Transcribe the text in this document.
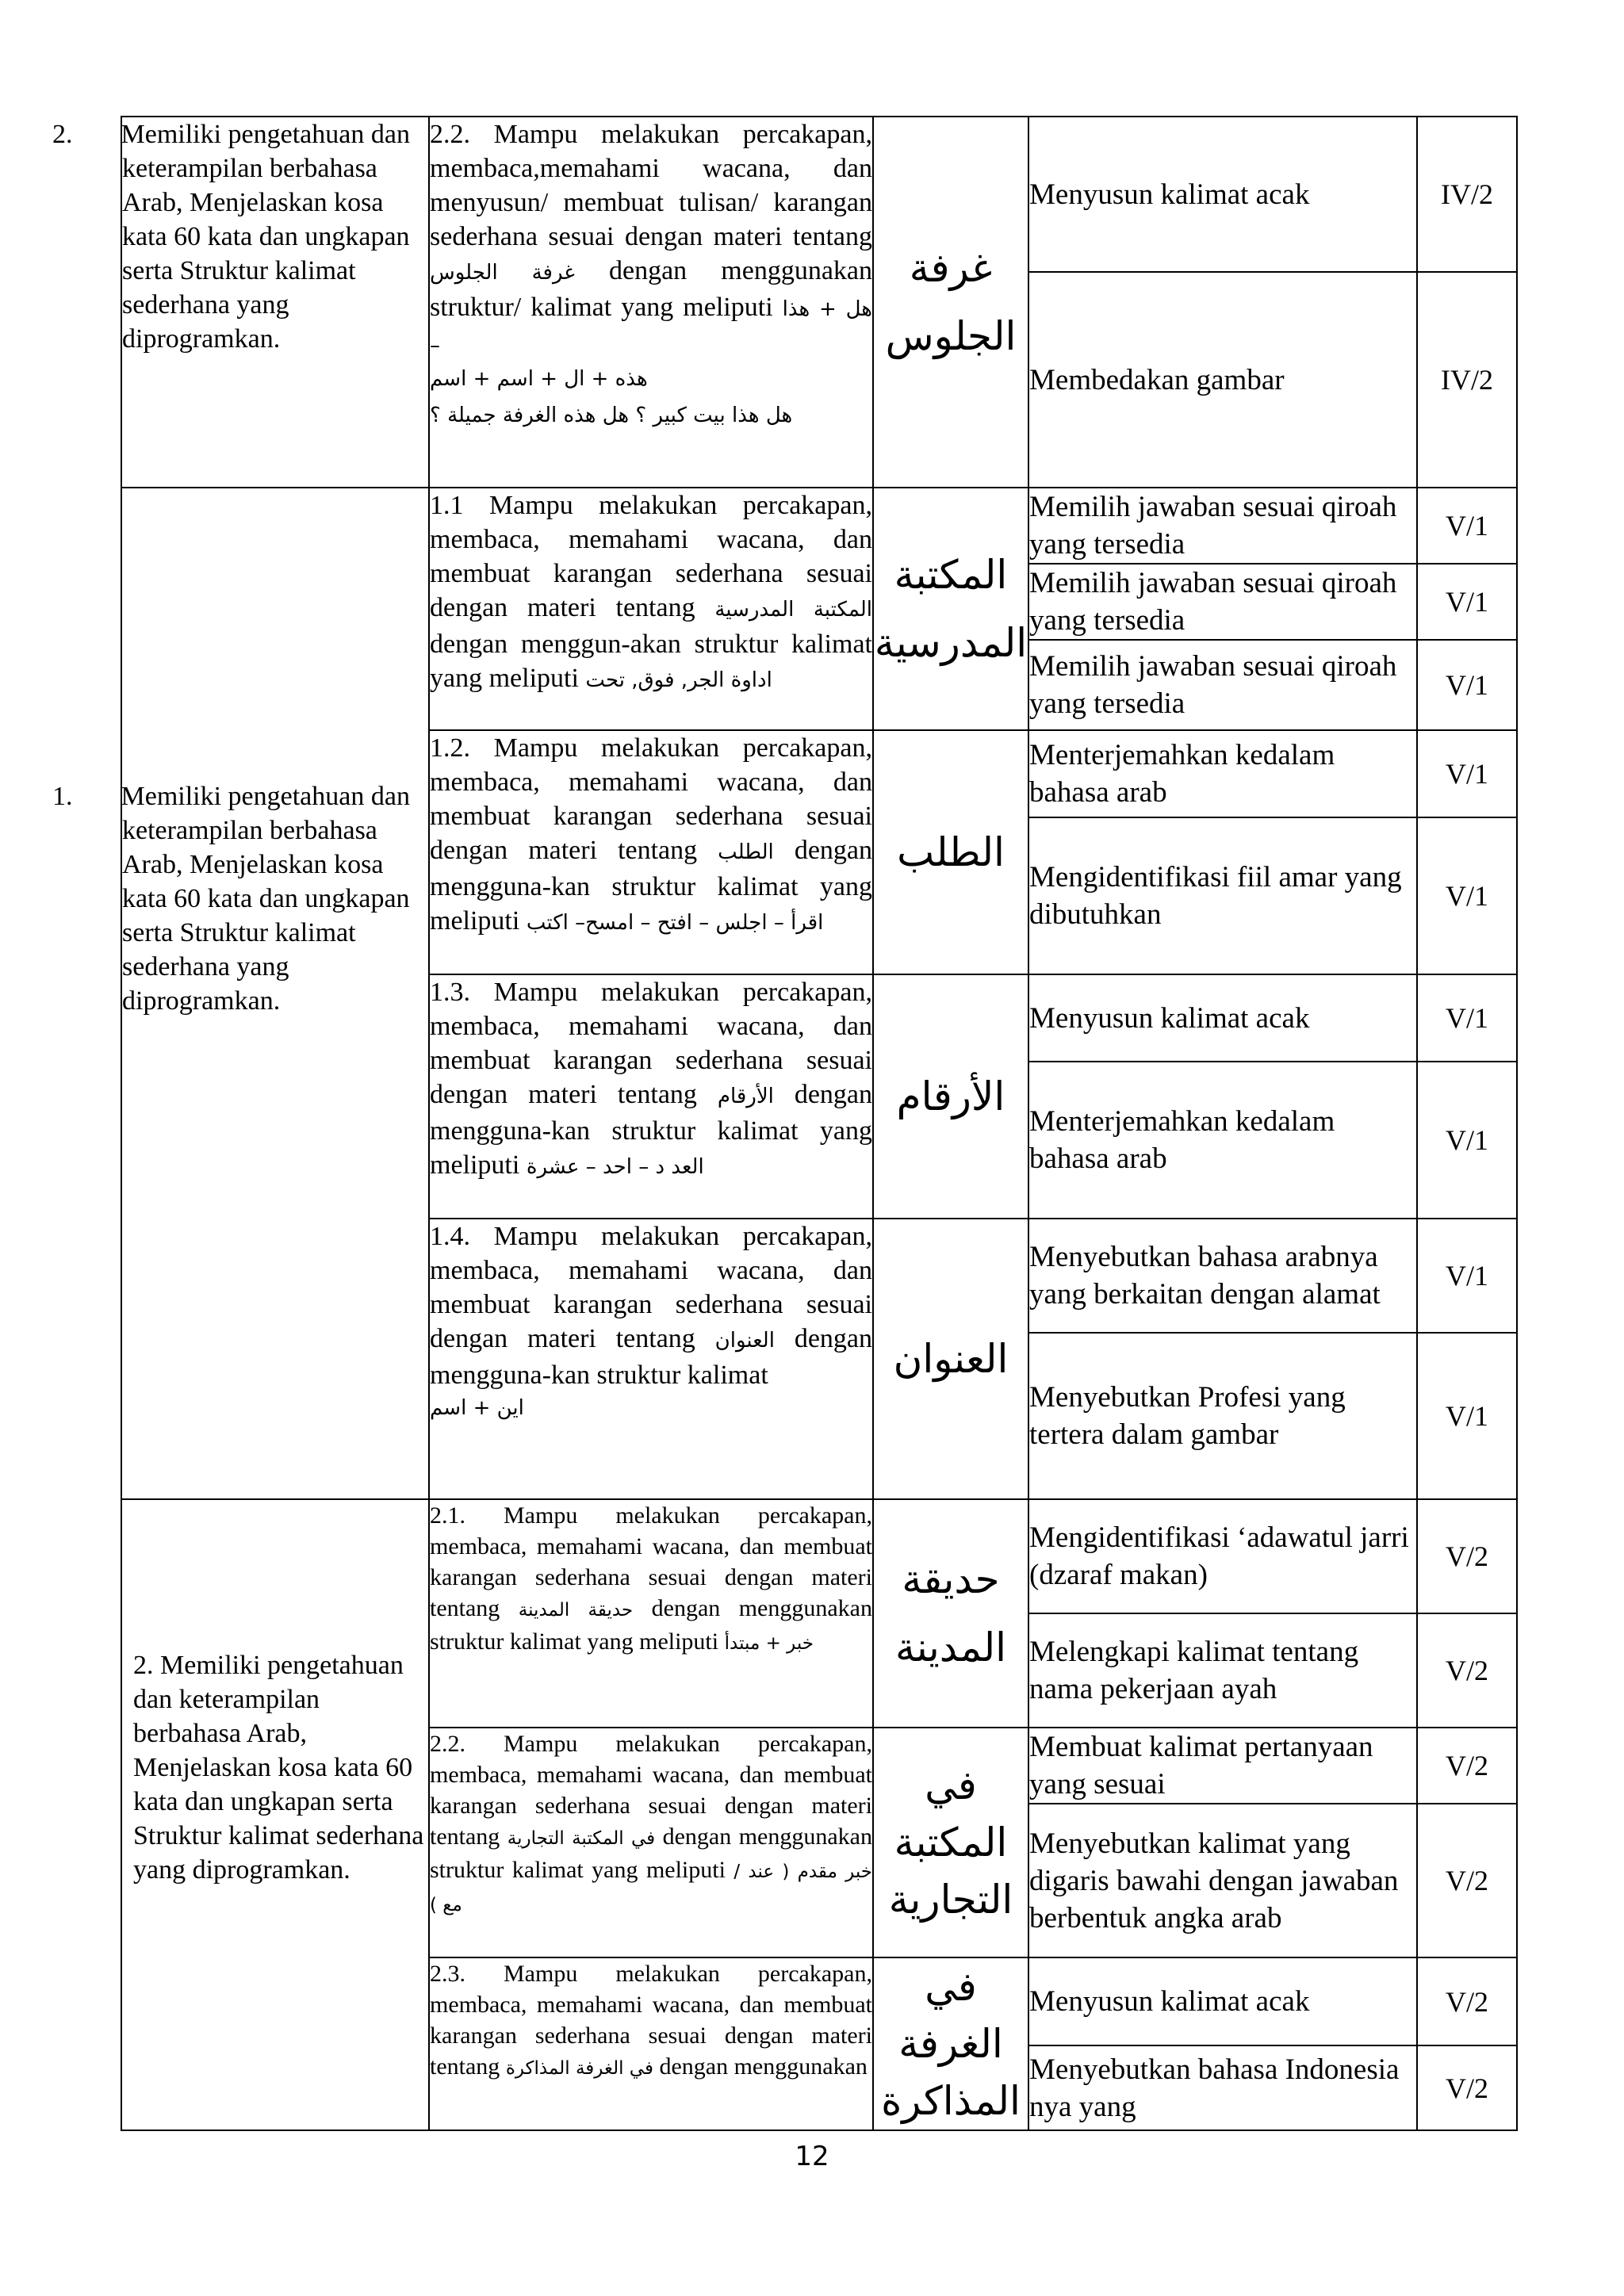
2. Memiliki pengetahuan dan keterampilan berbahasa Arab, Menjelaskan kosa kata 60 kata dan ungkapan serta Struktur kalimat sederhana yang diprogramkan.	2.2. Mampu melakukan percakapan, membaca,memahami wacana, dan menyusun/ membuat tulisan/ karangan sederhana sesuai dengan materi tentang غرفة الجلوس dengan menggunakan struktur/ kalimat yang meliputi هل + هذا –
هذه + ال + اسم + اسم
هل هذا بيت كبير ؟ هل هذه الغرفة جميلة ؟	غرفة الجلوس	Menyusun kalimat acak	IV/2
			Membedakan gambar	IV/2
1. Memiliki pengetahuan dan keterampilan berbahasa Arab, Menjelaskan kosa kata 60 kata dan ungkapan serta Struktur kalimat sederhana yang diprogramkan.	1.1 Mampu melakukan percakapan, membaca, memahami wacana, dan membuat karangan sederhana sesuai dengan materi tentang المكتبة المدرسية dengan menggun-akan struktur kalimat yang meliputi اداوة الجر, فوق, تحت	المكتبة المدرسية	Memilih jawaban sesuai qiroah yang tersedia	V/1
			Memilih jawaban sesuai qiroah yang tersedia	V/1
			Memilih jawaban sesuai qiroah yang tersedia	V/1
	1.2. Mampu melakukan percakapan, membaca, memahami wacana, dan membuat karangan sederhana sesuai dengan materi tentang الطلب dengan mengguna-kan struktur kalimat yang meliputi اقرأ – اجلس – افتح – امسح– اكتب	الطلب	Menterjemahkan kedalam bahasa arab	V/1
			Mengidentifikasi fiil amar yang dibutuhkan	V/1
	1.3. Mampu melakukan percakapan, membaca, memahami wacana, dan membuat karangan sederhana sesuai dengan materi tentang الأرقام dengan mengguna-kan struktur kalimat yang meliputi العد د – احد – عشرة	الأرقام	Menyusun kalimat acak	V/1
			Menterjemahkan kedalam bahasa arab	V/1
	1.4. Mampu melakukan percakapan, membaca, memahami wacana, dan membuat karangan sederhana sesuai dengan materi tentang العنوان dengan mengguna-kan struktur kalimat
اين + اسم	العنوان	Menyebutkan bahasa arabnya yang berkaitan dengan alamat	V/1
			Menyebutkan Profesi yang tertera dalam gambar	V/1
2. Memiliki pengetahuan dan keterampilan berbahasa Arab, Menjelaskan kosa kata 60 kata dan ungkapan serta Struktur kalimat sederhana yang diprogramkan.	2.1. Mampu melakukan percakapan, membaca, memahami wacana, dan membuat karangan sederhana sesuai dengan materi tentang حديقة المدينة dengan menggunakan struktur kalimat yang meliputi خبر + مبتدأ	حديقة المدينة	Mengidentifikasi ‘adawatul jarri (dzaraf makan)	V/2
			Melengkapi kalimat tentang nama pekerjaan ayah	V/2
	2.2. Mampu melakukan percakapan, membaca, memahami wacana, dan membuat karangan sederhana sesuai dengan materi tentang في المكتبة التجارية dengan menggunakan struktur kalimat yang meliputi خبر مقدم ( عند / مع )	في المكتبة التجارية	Membuat kalimat pertanyaan yang sesuai	V/2
			Menyebutkan kalimat yang digaris bawahi dengan jawaban berbentuk angka arab	V/2
	2.3. Mampu melakukan percakapan, membaca, memahami wacana, dan membuat karangan sederhana sesuai dengan materi tentang في الغرفة المذاكرة dengan menggunakan	في الغرفة المذاكرة	Menyusun kalimat acak	V/2
			Menyebutkan bahasa Indonesia nya yang	V/2
12
